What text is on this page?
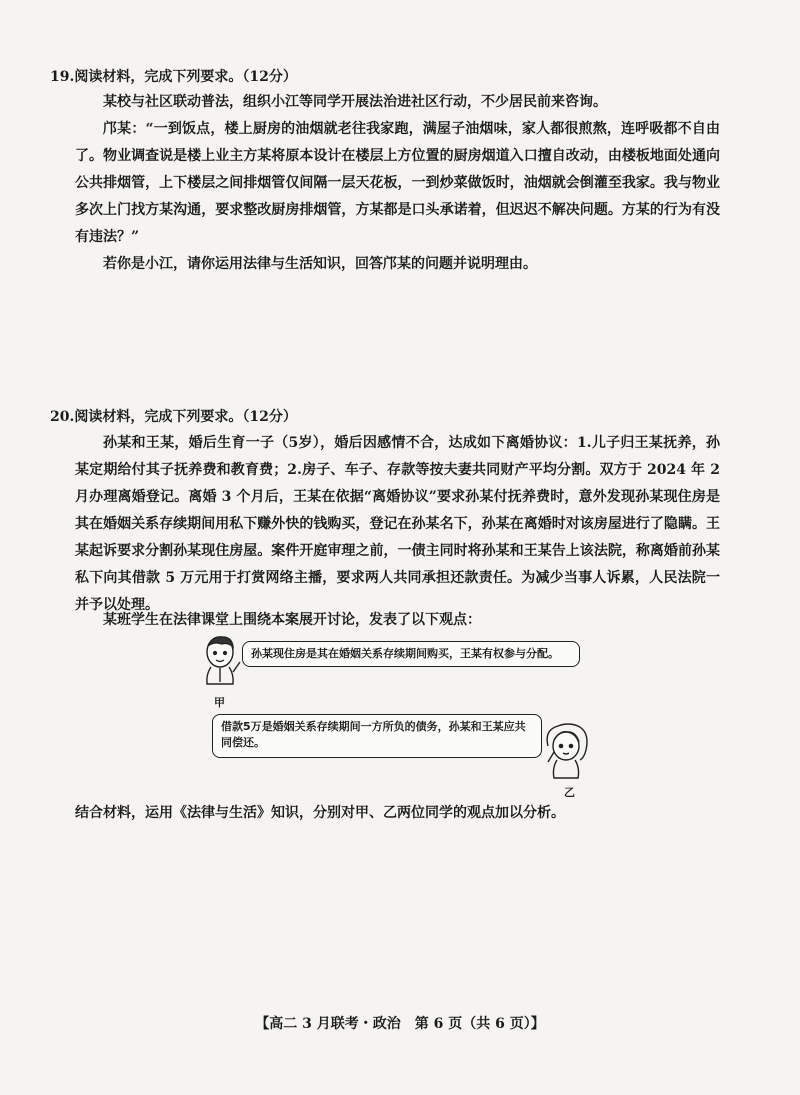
19.阅读材料，完成下列要求。（12分）
某校与社区联动普法，组织小江等同学开展法治进社区行动，不少居民前来咨询。
邝某：“一到饭点，楼上厨房的油烟就老往我家跑，满屋子油烟味，家人都很煎熬，连呼吸都不自由了。物业调查说是楼上业主方某将原本设计在楼层上方位置的厨房烟道入口擅自改动，由楼板地面处通向公共排烟管，上下楼层之间排烟管仅间隔一层天花板，一到炒菜做饭时，油烟就会倒灌至我家。我与物业多次上门找方某沟通，要求整改厨房排烟管，方某都是口头承诺着，但迟迟不解决问题。方某的行为有没有违法？”
若你是小江，请你运用法律与生活知识，回答邝某的问题并说明理由。
20.阅读材料，完成下列要求。（12分）
孙某和王某，婚后生育一子（5岁），婚后因感情不合，达成如下离婚协议：1.儿子归王某抚养，孙某定期给付其子抚养费和教育费；2.房子、车子、存款等按夫妻共同财产平均分割。双方于 2024 年 2 月办理离婚登记。离婚 3 个月后，王某在依据“离婚协议”要求孙某付抚养费时，意外发现孙某现住房是其在婚姻关系存续期间用私下赚外快的钱购买，登记在孙某名下，孙某在离婚时对该房屋进行了隐瞒。王某起诉要求分割孙某现住房屋。案件开庭审理之前，一债主同时将孙某和王某告上该法院，称离婚前孙某私下向其借款 5 万元用于打赏网络主播，要求两人共同承担还款责任。为减少当事人诉累，人民法院一并予以处理。
某班学生在法律课堂上围绕本案展开讨论，发表了以下观点：
甲
孙某现住房是其在婚姻关系存续期间购买，王某有权参与分配。
借款5万是婚姻关系存续期间一方所负的债务，孙某和王某应共同偿还。
乙
结合材料，运用《法律与生活》知识，分别对甲、乙两位同学的观点加以分析。
【高二 3 月联考・政治　第 6 页（共 6 页）】
